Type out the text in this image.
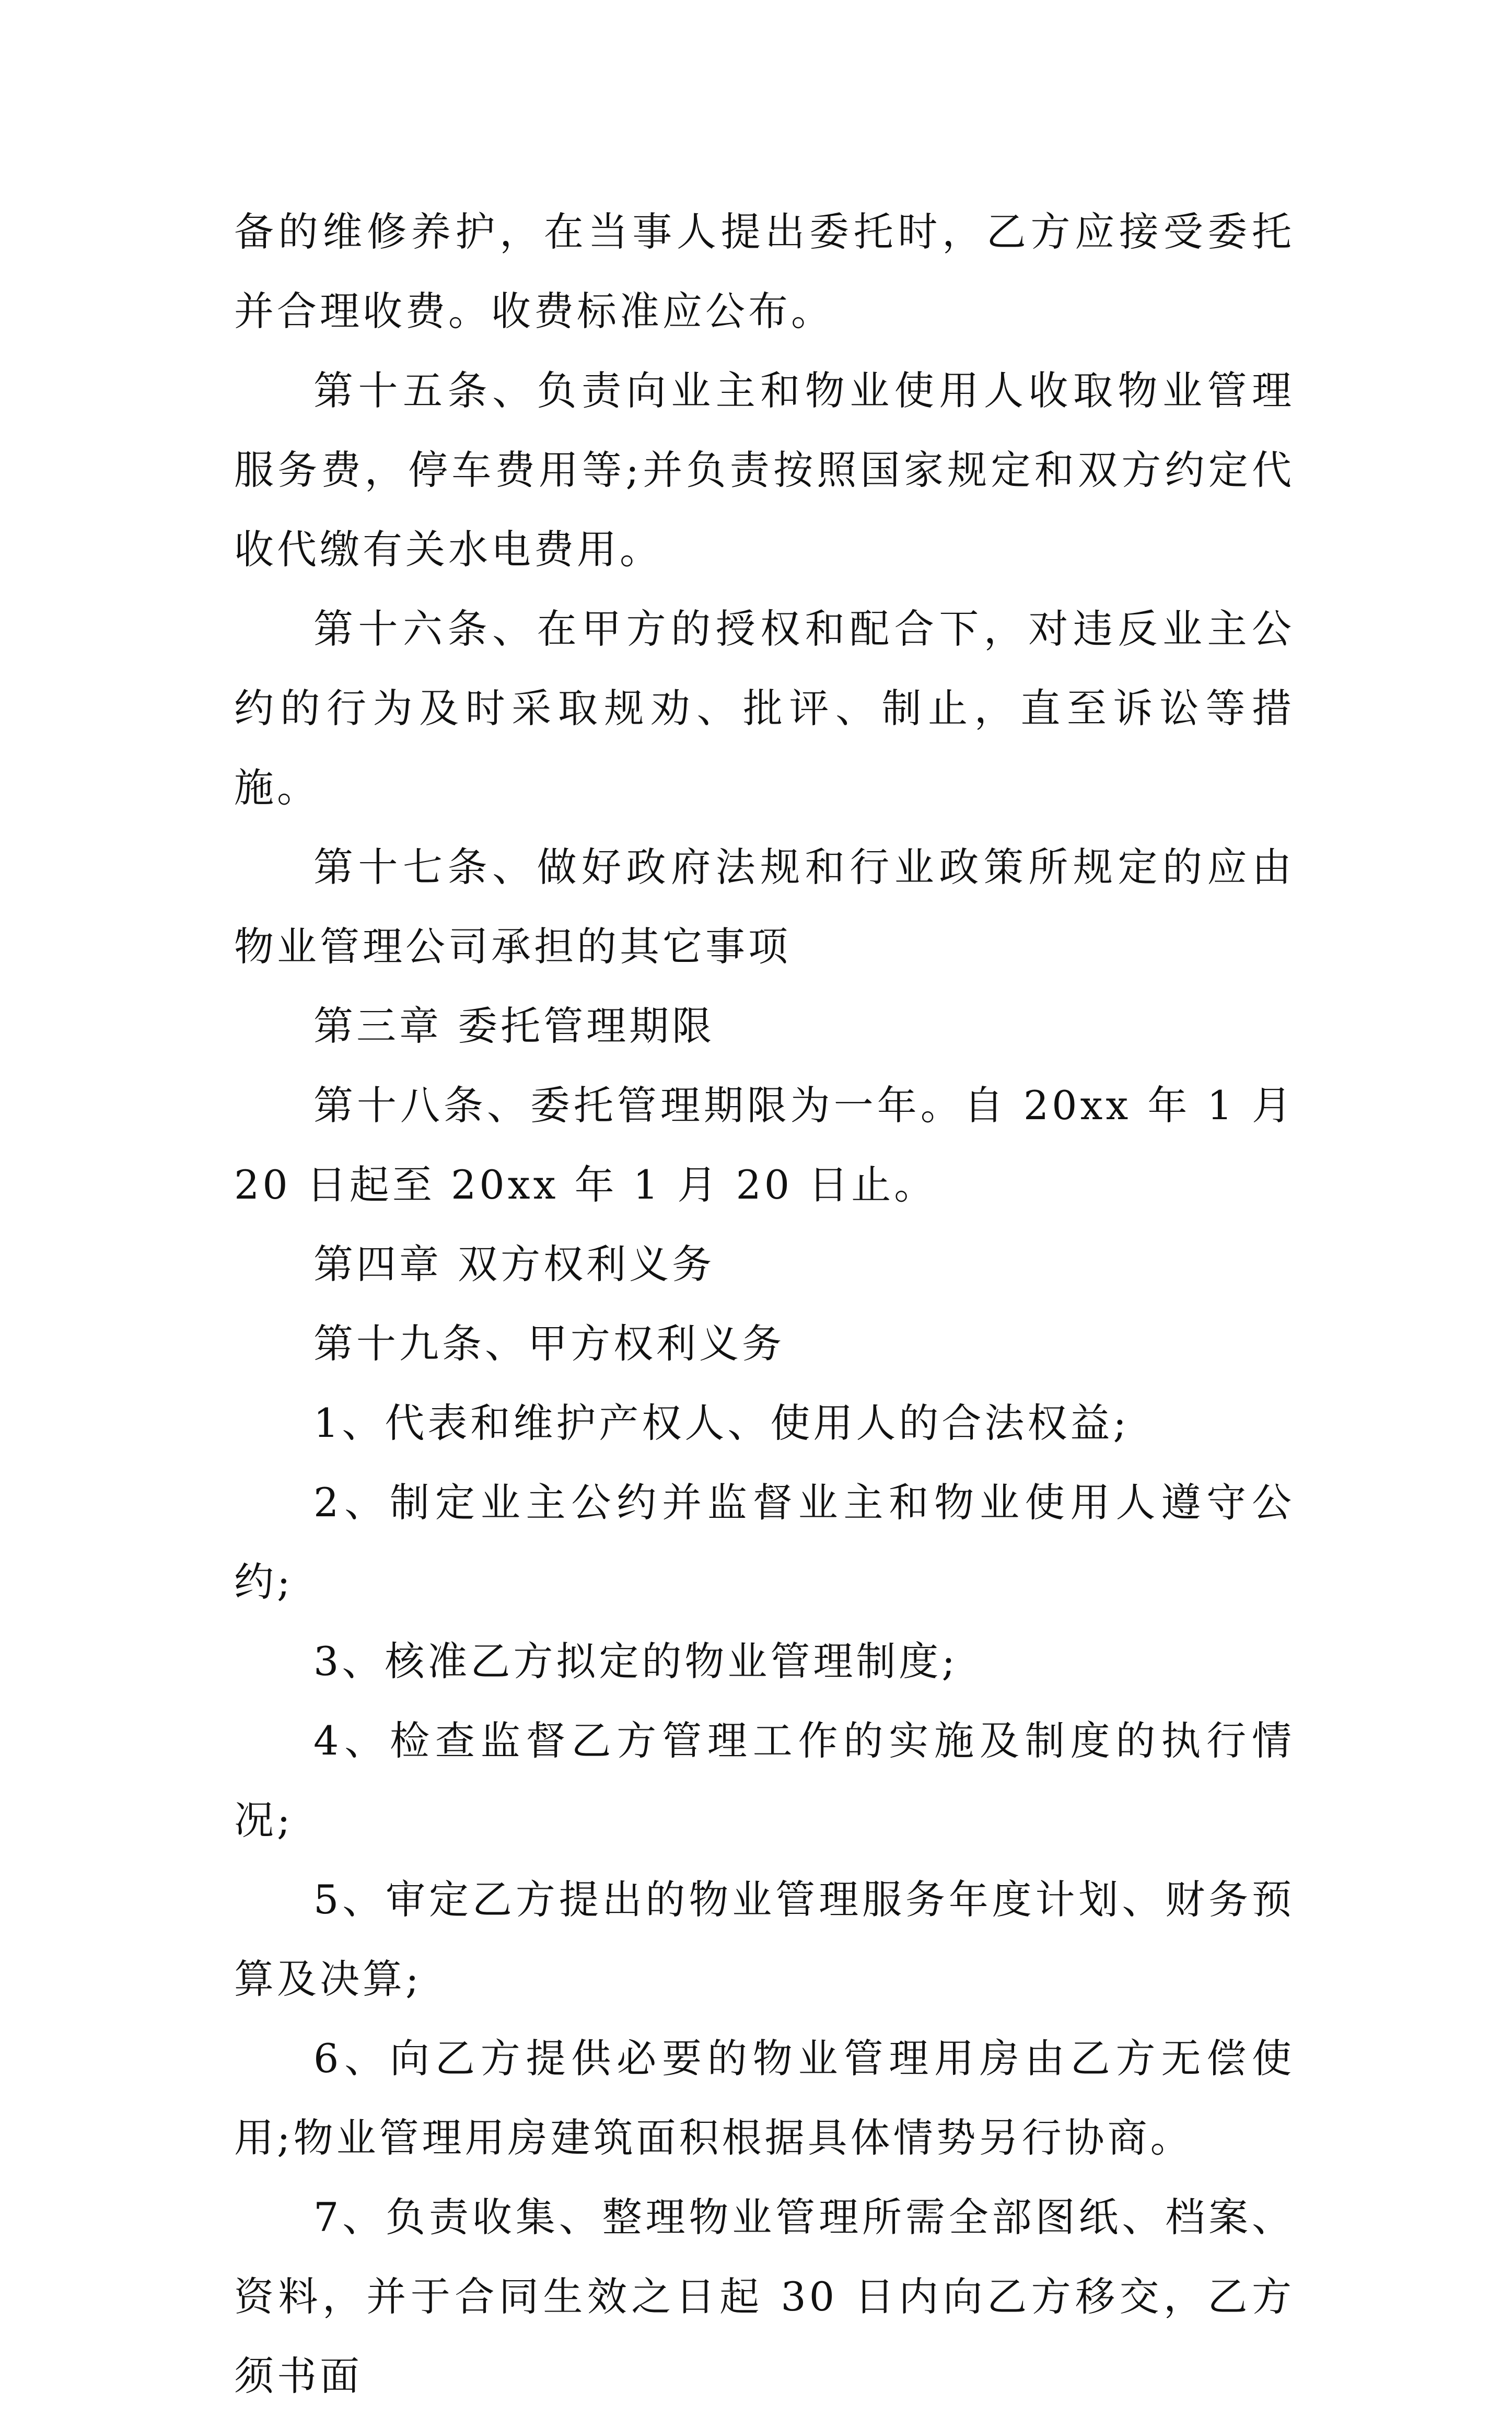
备的维修养护，在当事人提出委托时，乙方应接受委托并合理收费。收费标准应公布。

第十五条、负责向业主和物业使用人收取物业管理服务费，停车费用等;并负责按照国家规定和双方约定代收代缴有关水电费用。

第十六条、在甲方的授权和配合下，对违反业主公约的行为及时采取规劝、批评、制止，直至诉讼等措施。

第十七条、做好政府法规和行业政策所规定的应由物业管理公司承担的其它事项

第三章 委托管理期限

第十八条、委托管理期限为一年。自 20xx 年 1 月 20 日起至 20xx 年 1 月 20 日止。

第四章 双方权利义务

第十九条、甲方权利义务

1、代表和维护产权人、使用人的合法权益;

2、制定业主公约并监督业主和物业使用人遵守公约;

3、核准乙方拟定的物业管理制度;

4、检查监督乙方管理工作的实施及制度的执行情况;

5、审定乙方提出的物业管理服务年度计划、财务预算及决算;

6、向乙方提供必要的物业管理用房由乙方无偿使用;物业管理用房建筑面积根据具体情势另行协商。

7、负责收集、整理物业管理所需全部图纸、档案、资料，并于合同生效之日起 30 日内向乙方移交，乙方须书面
